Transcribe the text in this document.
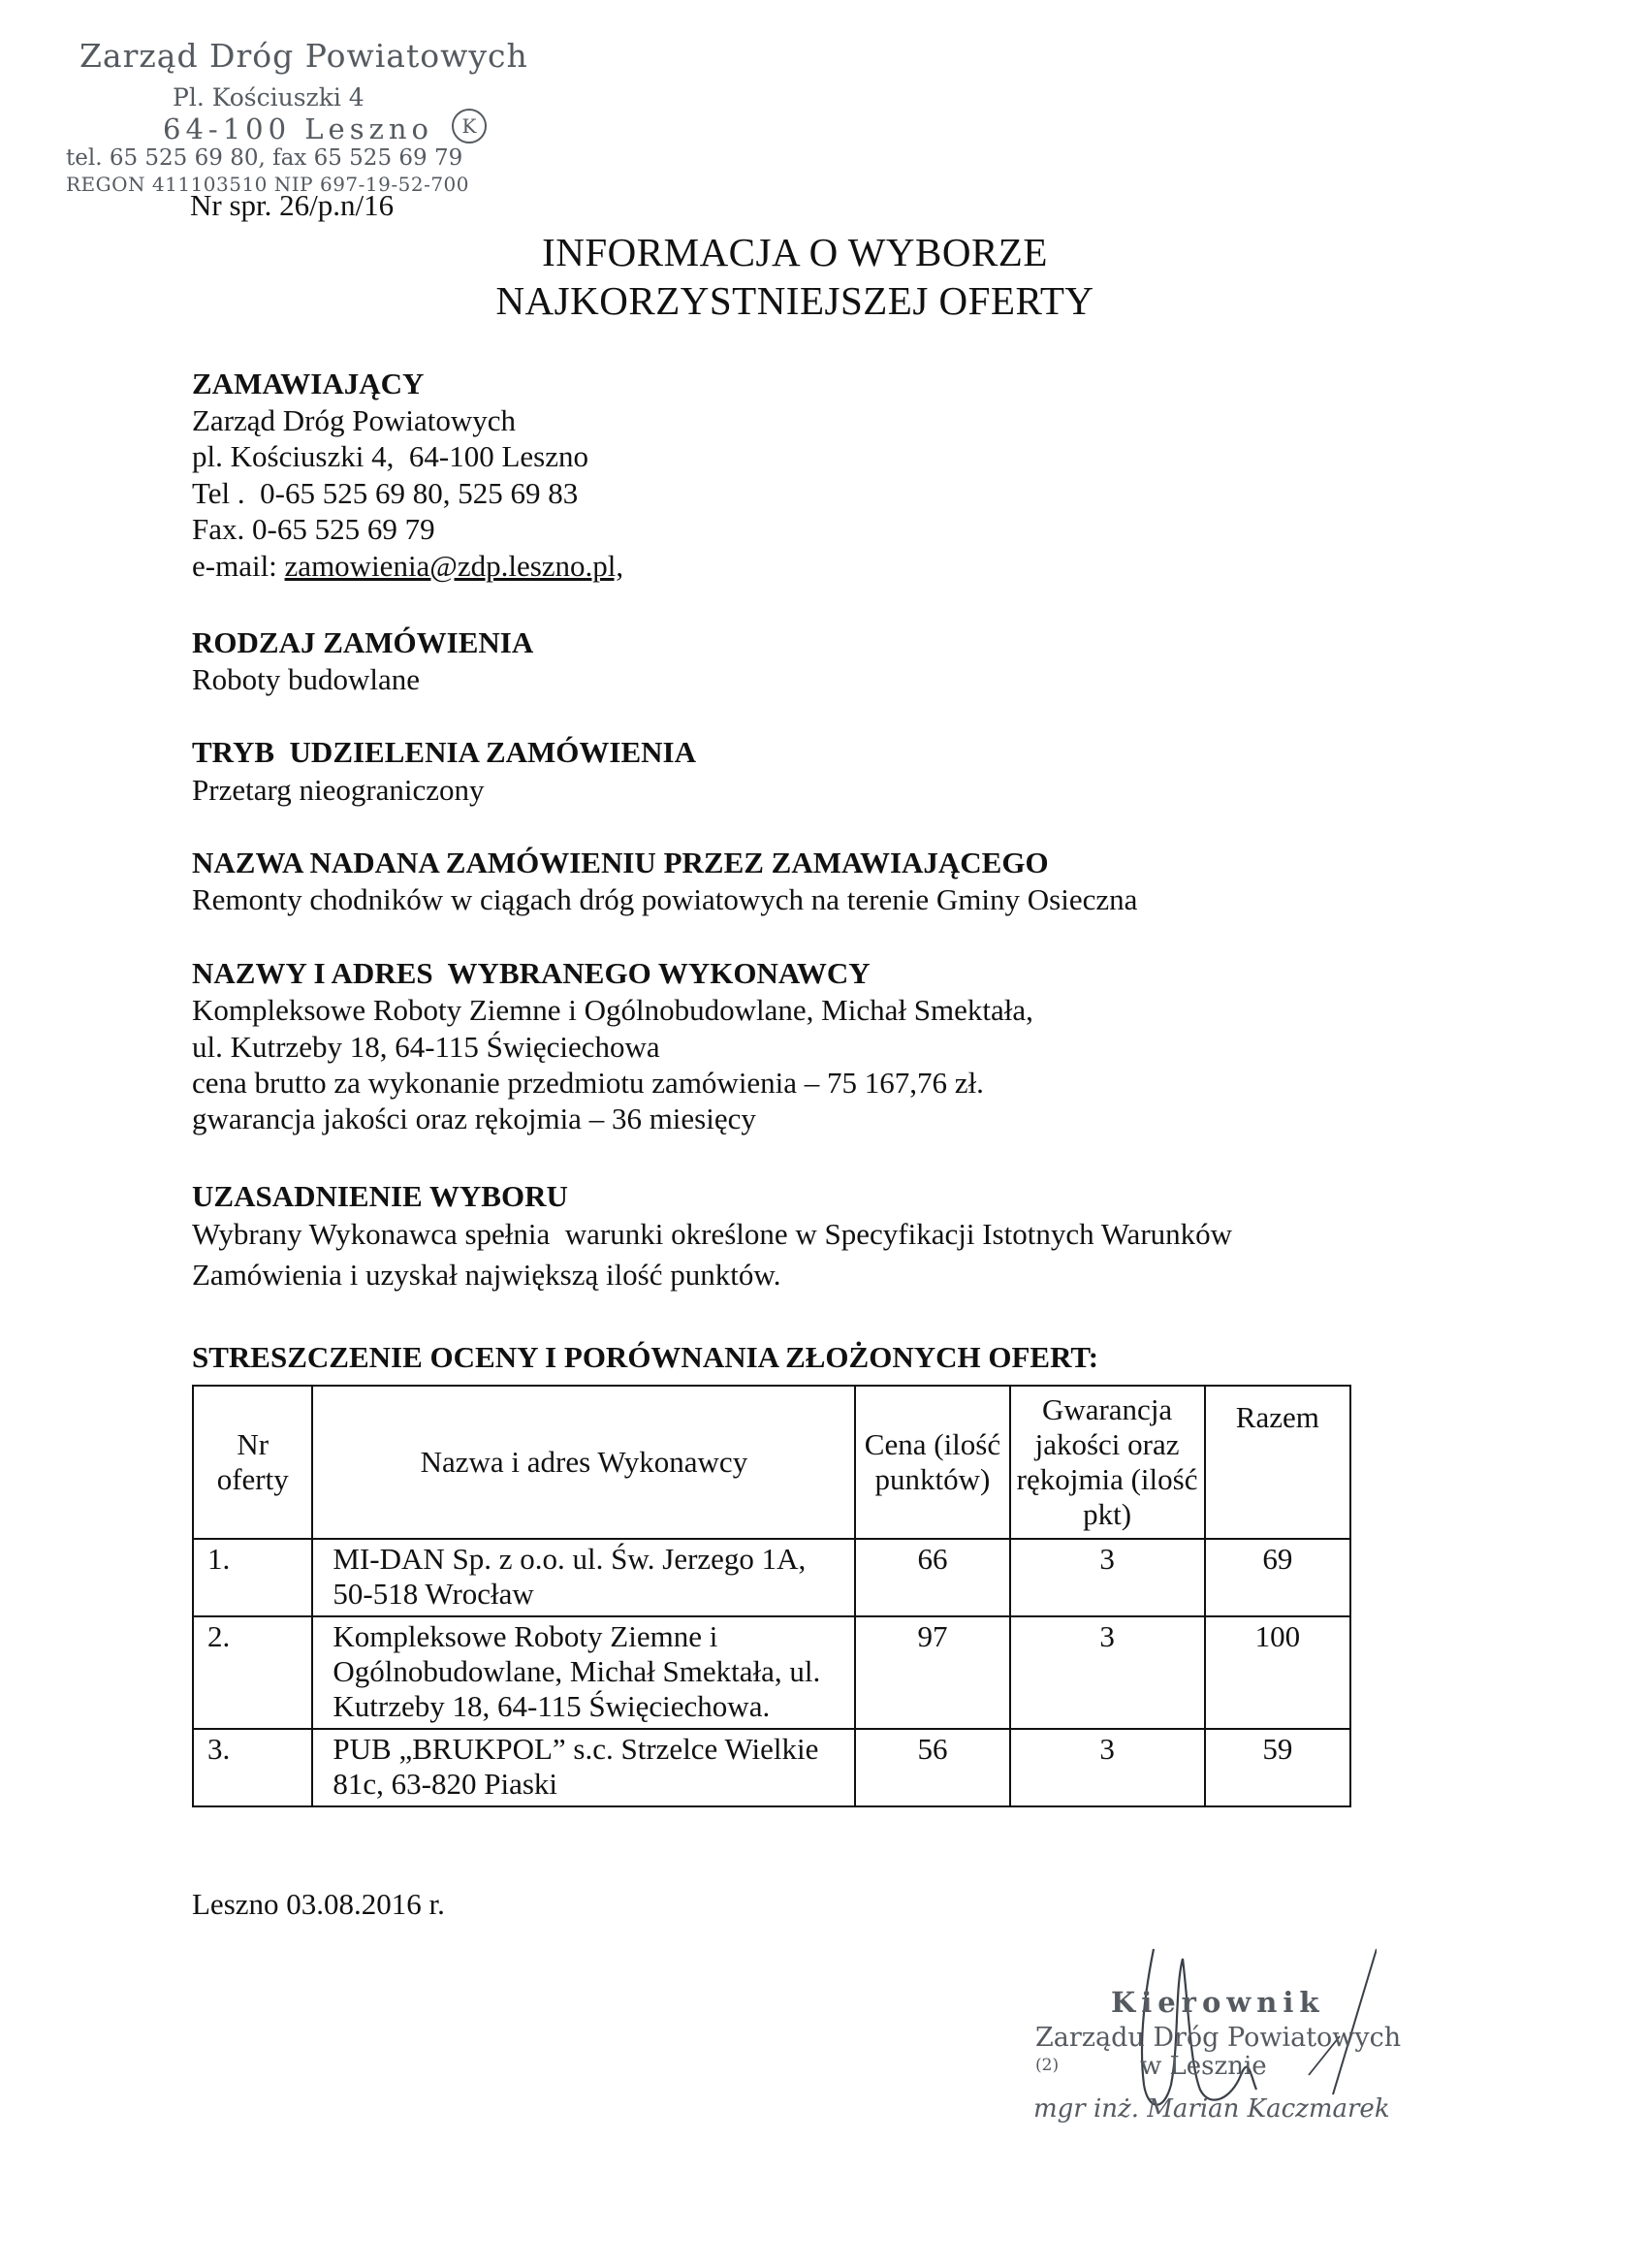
Zarząd Dróg Powiatowych
Pl. Kościuszki 4
64-100 Leszno	K
tel. 65 525 69 80, fax 65 525 69 79
REGON 411103510 NIP 697-19-52-700
Nr spr. 26/p.n/16
INFORMACJA O WYBORZE
NAJKORZYSTNIEJSZEJ OFERTY
ZAMAWIAJĄCY
Zarząd Dróg Powiatowych
pl. Kościuszki 4,  64-100 Leszno
Tel .  0-65 525 69 80, 525 69 83
Fax. 0-65 525 69 79
e-mail: zamowienia@zdp.leszno.pl,
RODZAJ ZAMÓWIENIA
Roboty budowlane
TRYB  UDZIELENIA ZAMÓWIENIA
Przetarg nieograniczony
NAZWA NADANA ZAMÓWIENIU PRZEZ ZAMAWIAJĄCEGO
Remonty chodników w ciągach dróg powiatowych na terenie Gminy Osieczna
NAZWY I ADRES  WYBRANEGO WYKONAWCY
Kompleksowe Roboty Ziemne i Ogólnobudowlane, Michał Smektała,
ul. Kutrzeby 18, 64-115 Święciechowa
cena brutto za wykonanie przedmiotu zamówienia – 75 167,76 zł.
gwarancja jakości oraz rękojmia – 36 miesięcy
UZASADNIENIE WYBORU
Wybrany Wykonawca spełnia  warunki określone w Specyfikacji Istotnych Warunków
Zamówienia i uzyskał największą ilość punktów.
STRESZCZENIE OCENY I PORÓWNANIA ZŁOŻONYCH OFERT:
Nr oferty	Nazwa i adres Wykonawcy	Cena (ilość punktów)	Gwarancja jakości oraz rękojmia (ilość pkt)	Razem
1.	MI-DAN Sp. z o.o. ul. Św. Jerzego 1A, 50-518 Wrocław	66	3	69
2.	Kompleksowe Roboty Ziemne i Ogólnobudowlane, Michał Smektała, ul. Kutrzeby 18, 64-115 Święciechowa.	97	3	100
3.	PUB „BRUKPOL” s.c. Strzelce Wielkie 81c, 63-820 Piaski	56	3	59
Leszno 03.08.2016 r.
Kierownik
Zarządu Dróg Powiatowych
(2)	w Lesznie
mgr inż. Marian Kaczmarek
